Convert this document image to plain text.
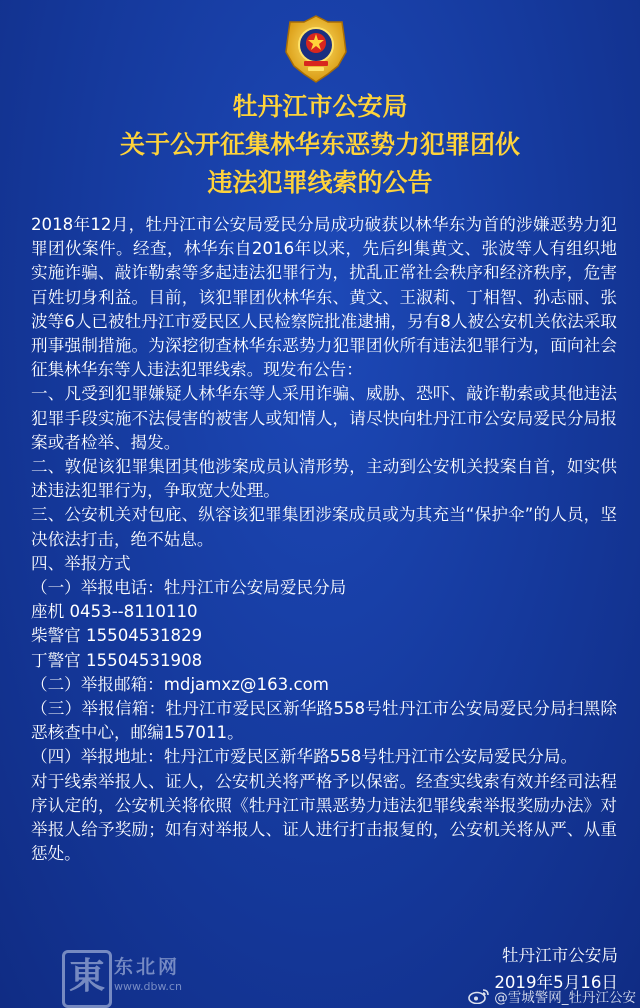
牡丹江市公安局
关于公开征集林华东恶势力犯罪团伙
违法犯罪线索的公告

2018年12月，牡丹江市公安局爱民分局成功破获以林华东为首的涉嫌恶势力犯罪团伙案件。经查，林华东自2016年以来，先后纠集黄文、张波等人有组织地实施诈骗、敲诈勒索等多起违法犯罪行为，扰乱正常社会秩序和经济秩序，危害百姓切身利益。目前，该犯罪团伙林华东、黄文、王淑莉、丁相智、孙志丽、张波等6人已被牡丹江市爱民区人民检察院批准逮捕，另有8人被公安机关依法采取刑事强制措施。为深挖彻查林华东恶势力犯罪团伙所有违法犯罪行为，面向社会征集林华东等人违法犯罪线索。现发布公告：

一、凡受到犯罪嫌疑人林华东等人采用诈骗、威胁、恐吓、敲诈勒索或其他违法犯罪手段实施不法侵害的被害人或知情人，请尽快向牡丹江市公安局爱民分局报案或者检举、揭发。

二、敦促该犯罪集团其他涉案成员认清形势，主动到公安机关投案自首，如实供述违法犯罪行为，争取宽大处理。

三、公安机关对包庇、纵容该犯罪集团涉案成员或为其充当“保护伞”的人员，坚决依法打击，绝不姑息。

四、举报方式

（一）举报电话：牡丹江市公安局爱民分局

座机 0453--8110110

柴警官 15504531829

丁警官 15504531908

（二）举报邮箱：mdjamxz@163.com

（三）举报信箱：牡丹江市爱民区新华路558号牡丹江市公安局爱民分局扫黑除恶核查中心，邮编157011。

（四）举报地址：牡丹江市爱民区新华路558号牡丹江市公安局爱民分局。

对于线索举报人、证人，公安机关将严格予以保密。经查实线索有效并经司法程序认定的，公安机关将依照《牡丹江市黑恶势力违法犯罪线索举报奖励办法》对举报人给予奖励；如有对举报人、证人进行打击报复的，公安机关将从严、从重惩处。

東 东北网
www.dbw.cn
牡丹江市公安局
2019年5月16日
@雪城警网_牡丹江公安
